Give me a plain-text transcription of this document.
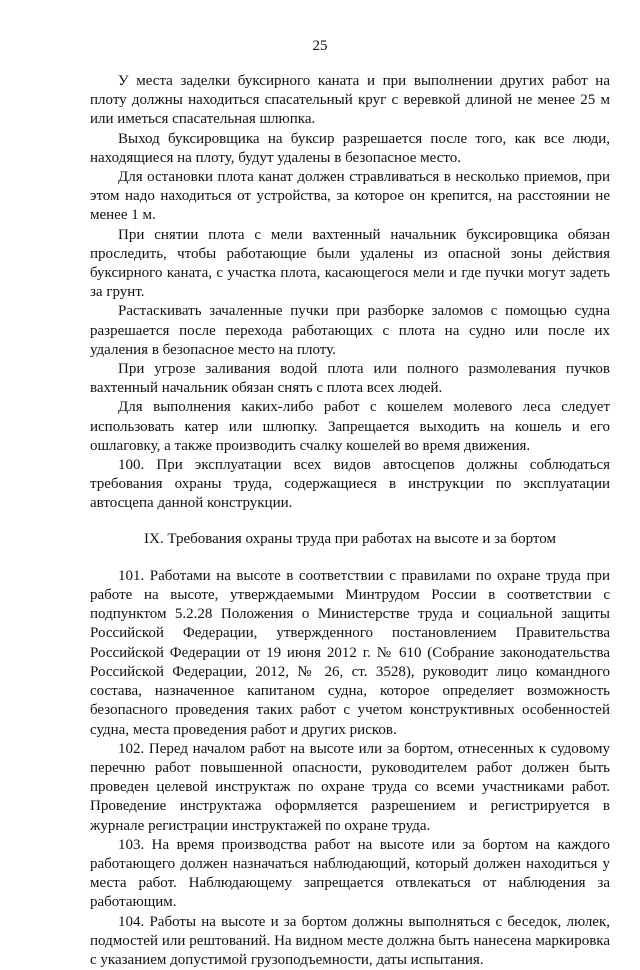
25

У места заделки буксирного каната и при выполнении других работ на плоту должны находиться спасательный круг с веревкой длиной не менее 25 м или иметься спасательная шлюпка.

Выход буксировщика на буксир разрешается после того, как все люди, находящиеся на плоту, будут удалены в безопасное место.

Для остановки плота канат должен стравливаться в несколько приемов, при этом надо находиться от устройства, за которое он крепится, на расстоянии не менее 1 м.

При снятии плота с мели вахтенный начальник буксировщика обязан проследить, чтобы работающие были удалены из опасной зоны действия буксирного каната, с участка плота, касающегося мели и где пучки могут задеть за грунт.

Растаскивать зачаленные пучки при разборке заломов с помощью судна разрешается после перехода работающих с плота на судно или после их удаления в безопасное место на плоту.

При угрозе заливания водой плота или полного размолевания пучков вахтенный начальник обязан снять с плота всех людей.

Для выполнения каких-либо работ с кошелем молевого леса следует использовать катер или шлюпку. Запрещается выходить на кошель и его ошлаговку, а также производить счалку кошелей во время движения.

100. При эксплуатации всех видов автосцепов должны соблюдаться требования охраны труда, содержащиеся в инструкции по эксплуатации автосцепа данной конструкции.

IX. Требования охраны труда при работах на высоте и за бортом

101. Работами на высоте в соответствии с правилами по охране труда при работе на высоте, утверждаемыми Минтрудом России в соответствии с подпунктом 5.2.28 Положения о Министерстве труда и социальной защиты Российской Федерации, утвержденного постановлением Правительства Российской Федерации от 19 июня 2012 г. № 610 (Собрание законодательства Российской Федерации, 2012, № 26, ст. 3528), руководит лицо командного состава, назначенное капитаном судна, которое определяет возможность безопасного проведения таких работ с учетом конструктивных особенностей судна, места проведения работ и других рисков.

102. Перед началом работ на высоте или за бортом, отнесенных к судовому перечню работ повышенной опасности, руководителем работ должен быть проведен целевой инструктаж по охране труда со всеми участниками работ. Проведение инструктажа оформляется разрешением и регистрируется в журнале регистрации инструктажей по охране труда.

103. На время производства работ на высоте или за бортом на каждого работающего должен назначаться наблюдающий, который должен находиться у места работ. Наблюдающему запрещается отвлекаться от наблюдения за работающим.

104. Работы на высоте и за бортом должны выполняться с беседок, люлек, подмостей или рештований. На видном месте должна быть нанесена маркировка с указанием допустимой грузоподъемности, даты испытания.
